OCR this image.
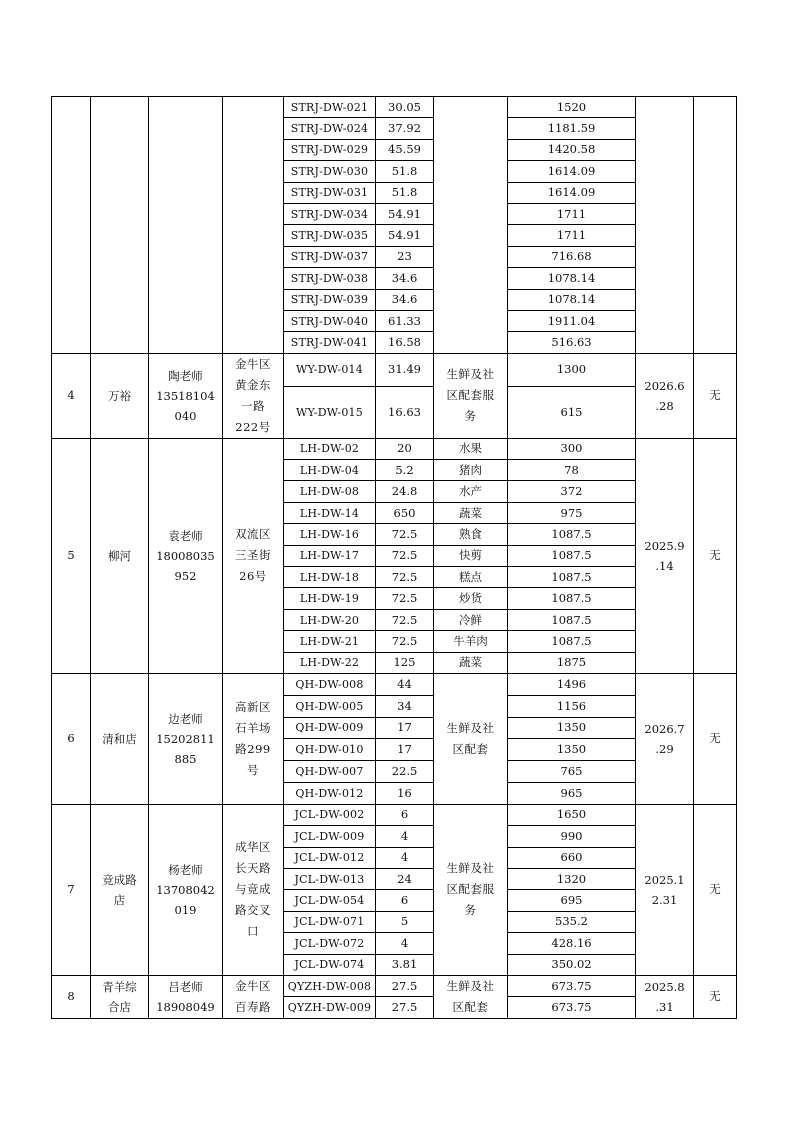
				STRJ-DW-021	30.05		1520		
				STRJ-DW-024	37.92		1181.59		
				STRJ-DW-029	45.59		1420.58		
				STRJ-DW-030	51.8		1614.09		
				STRJ-DW-031	51.8		1614.09		
				STRJ-DW-034	54.91		1711		
				STRJ-DW-035	54.91		1711		
				STRJ-DW-037	23		716.68		
				STRJ-DW-038	34.6		1078.14		
				STRJ-DW-039	34.6		1078.14		
				STRJ-DW-040	61.33		1911.04		
				STRJ-DW-041	16.58		516.63		
4	万裕	陶老师
13518104
040	金牛区
黄金东
一路
222号	WY-DW-014	31.49	生鲜及社
区配套服
务	1300	2026.6
.28	无
				WY-DW-015	16.63		615		
5	柳河	袁老师
18008035
952	双流区
三圣街
26号	LH-DW-02	20	水果	300	2025.9
.14	无
				LH-DW-04	5.2	猪肉	78		
				LH-DW-08	24.8	水产	372		
				LH-DW-14	650	蔬菜	975		
				LH-DW-16	72.5	熟食	1087.5		
				LH-DW-17	72.5	快剪	1087.5		
				LH-DW-18	72.5	糕点	1087.5		
				LH-DW-19	72.5	炒货	1087.5		
				LH-DW-20	72.5	冷鲜	1087.5		
				LH-DW-21	72.5	牛羊肉	1087.5		
				LH-DW-22	125	蔬菜	1875		
6	清和店	边老师
15202811
885	高新区
石羊场
路299
号	QH-DW-008	44	生鲜及社
区配套	1496	2026.7
.29	无
				QH-DW-005	34		1156		
				QH-DW-009	17		1350		
				QH-DW-010	17		1350		
				QH-DW-007	22.5		765		
				QH-DW-012	16		965		
7	竞成路
店	杨老师
13708042
019	成华区
长天路
与竞成
路交叉
口	JCL-DW-002	6	生鲜及社
区配套服
务	1650	2025.1
2.31	无
				JCL-DW-009	4		990		
				JCL-DW-012	4		660		
				JCL-DW-013	24		1320		
				JCL-DW-054	6		695		
				JCL-DW-071	5		535.2		
				JCL-DW-072	4		428.16		
				JCL-DW-074	3.81		350.02		
8	青羊综
合店	吕老师
18908049	金牛区
百寿路	QYZH-DW-008	27.5	生鲜及社
区配套	673.75	2025.8
.31	无
				QYZH-DW-009	27.5		673.75		
